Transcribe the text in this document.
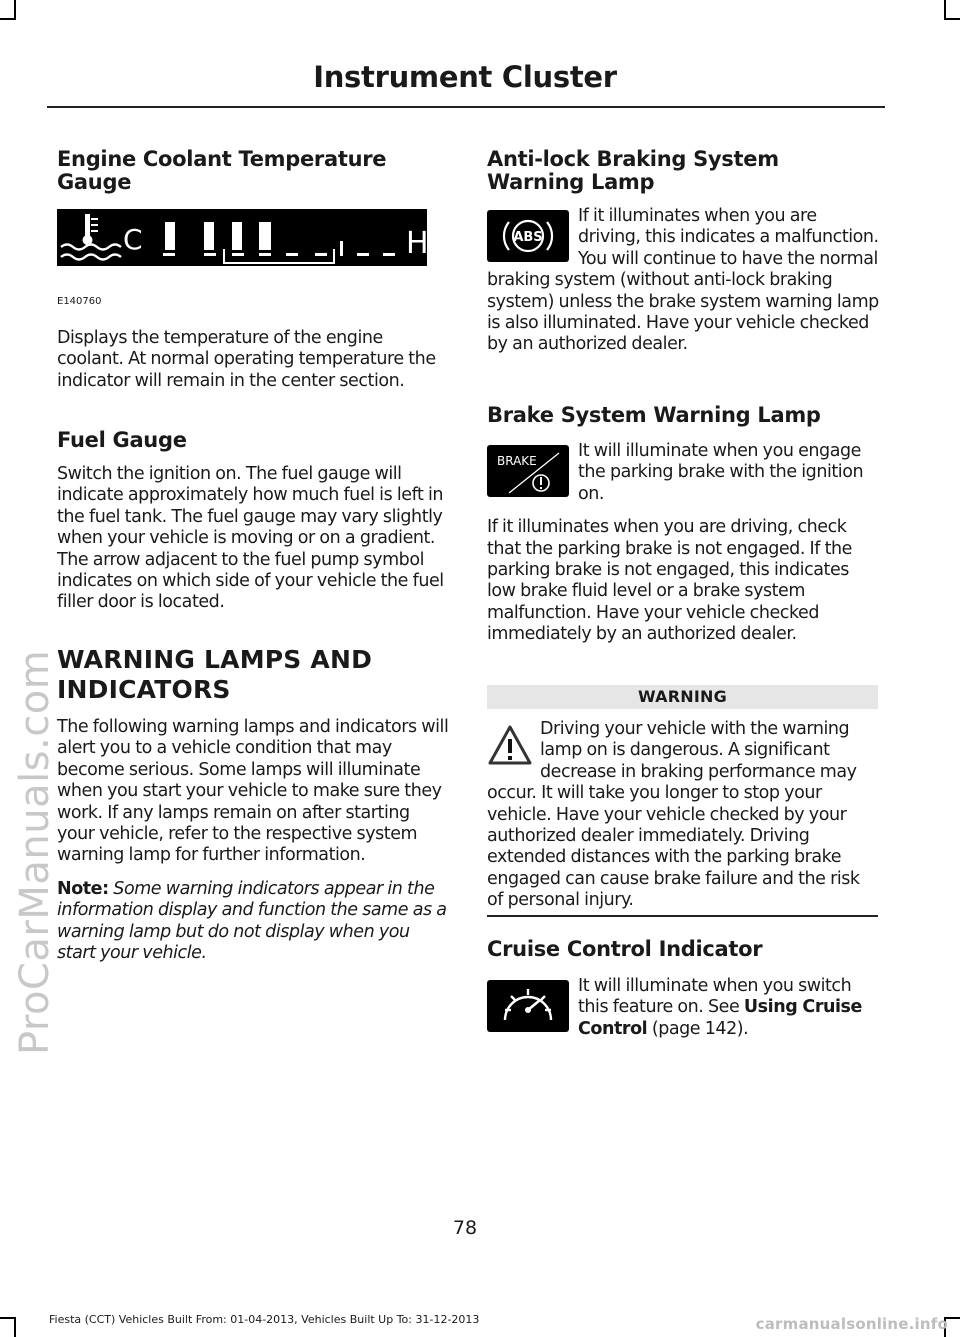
Instrument Cluster
Engine Coolant Temperature Gauge
C	H
E140760

Displays the temperature of the engine coolant. At normal operating temperature the indicator will remain in the center section.

Fuel Gauge

Switch the ignition on. The fuel gauge will indicate approximately how much fuel is left in the fuel tank. The fuel gauge may vary slightly when your vehicle is moving or on a gradient. The arrow adjacent to the fuel pump symbol indicates on which side of your vehicle the fuel filler door is located.

WARNING LAMPS AND
INDICATORS

The following warning lamps and indicators will alert you to a vehicle condition that may become serious. Some lamps will illuminate when you start your vehicle to make sure they work. If any lamps remain on after starting your vehicle, refer to the respective system warning lamp for further information.

Note: Some warning indicators appear in the information display and function the same as a warning lamp but do not display when you start your vehicle.

Anti-lock Braking System Warning Lamp
ABS

If it illuminates when you are driving, this indicates a malfunction. You will continue to have the normal braking system (without anti-lock braking system) unless the brake system warning lamp is also illuminated. Have your vehicle checked by an authorized dealer.

Brake System Warning Lamp
BRAKE	It will illuminate when you engage the parking brake with the ignition on.

If it illuminates when you are driving, check that the parking brake is not engaged. If the parking brake is not engaged, this indicates low brake fluid level or a brake system malfunction. Have your vehicle checked immediately by an authorized dealer.

WARNING

Driving your vehicle with the warning lamp on is dangerous. A significant decrease in braking performance may occur. It will take you longer to stop your vehicle. Have your vehicle checked by your authorized dealer immediately. Driving extended distances with the parking brake engaged can cause brake failure and the risk of personal injury.

Cruise Control Indicator

It will illuminate when you switch this feature on. See Using Cruise Control (page 142).

78
Fiesta (CCT) Vehicles Built From: 01-04-2013, Vehicles Built Up To: 31-12-2013
ProCarManuals.com
carmanualsonline.info
